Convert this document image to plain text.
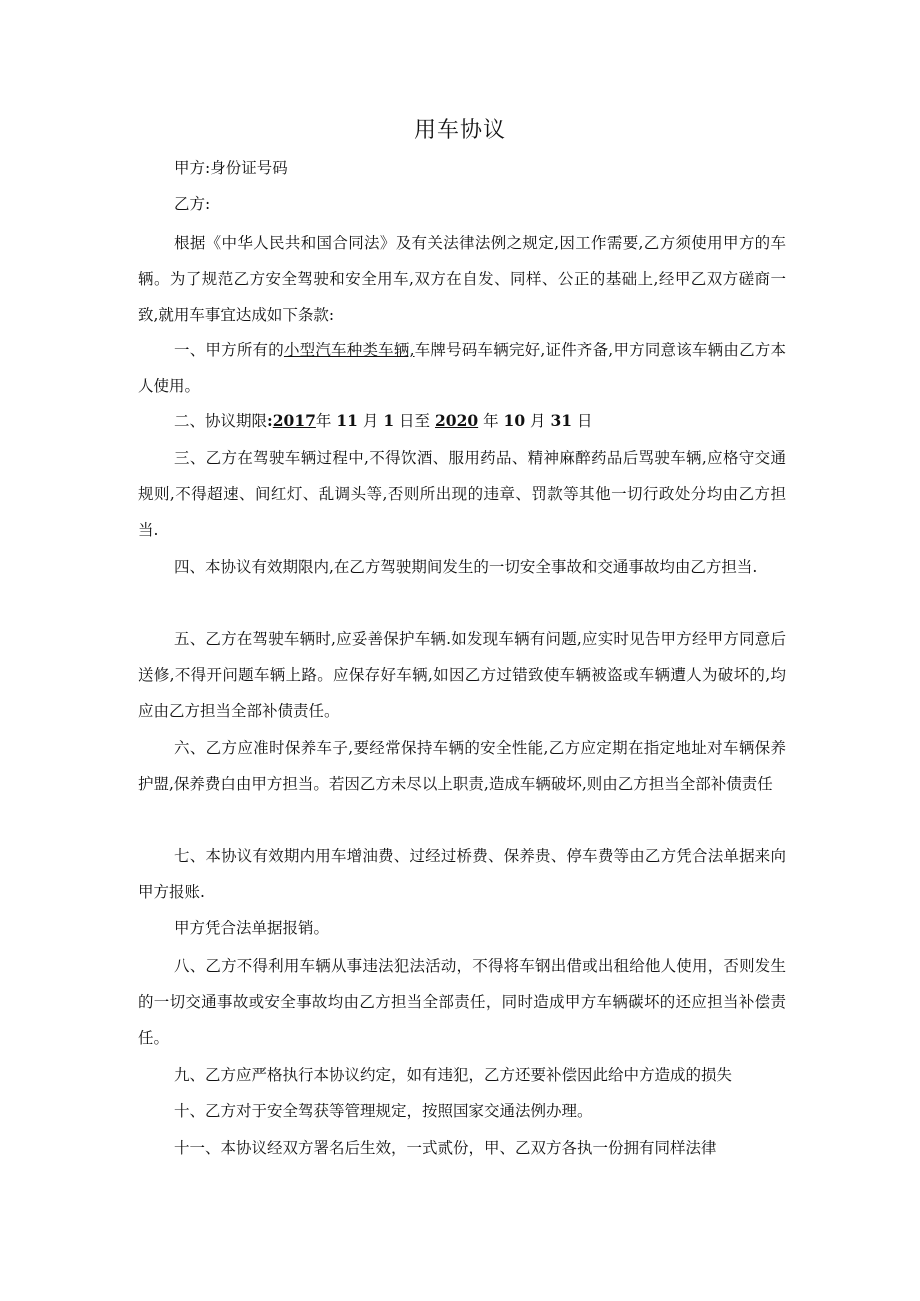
用车协议

甲方:身份证号码

乙方:

根据《中华人民共和国合同法》及有关法律法例之规定,因工作需要,乙方须使用甲方的车辆。为了规范乙方安全驾驶和安全用车,双方在自发、同样、公正的基础上,经甲乙双方磋商一致,就用车事宜达成如下条款:

一、甲方所有的小型汽车种类车辆,车牌号码车辆完好,证件齐备,甲方同意该车辆由乙方本人使用。

二、协议期限:2017年 11 月 1 日至 2020 年 10 月 31 日

三、乙方在驾驶车辆过程中,不得饮酒、服用药品、精神麻醉药品后骂驶车辆,应格守交通规则,不得超速、间红灯、乱调头等,否则所出现的违章、罚款等其他一切行政处分均由乙方担当.

四、本协议有效期限内,在乙方驾驶期间发生的一切安全事故和交通事故均由乙方担当.

五、乙方在驾驶车辆时,应妥善保护车辆.如发现车辆有问题,应实时见告甲方经甲方同意后送修,不得开问题车辆上路。应保存好车辆,如因乙方过错致使车辆被盗或车辆遭人为破坏的,均应由乙方担当全部补债责任。

六、乙方应准时保养车子,要经常保持车辆的安全性能,乙方应定期在指定地址对车辆保养护盟,保养费白由甲方担当。若因乙方未尽以上职责,造成车辆破坏,则由乙方担当全部补债责任

七、本协议有效期内用车增油费、过经过桥费、保养贵、停车费等由乙方凭合法单据来向甲方报账.

甲方凭合法单据报销。

八、乙方不得利用车辆从事违法犯法活动，不得将车钢出借或出租给他人使用，否则发生的一切交通事故或安全事故均由乙方担当全部责任，同时造成甲方车辆碳坏的还应担当补偿责任。

九、乙方应严格执行本协议约定，如有违犯，乙方还要补偿因此给中方造成的损失

十、乙方对于安全驾获等管理规定，按照国家交通法例办理。

十一、本协议经双方署名后生效，一式贰份，甲、乙双方各执一份拥有同样法律
